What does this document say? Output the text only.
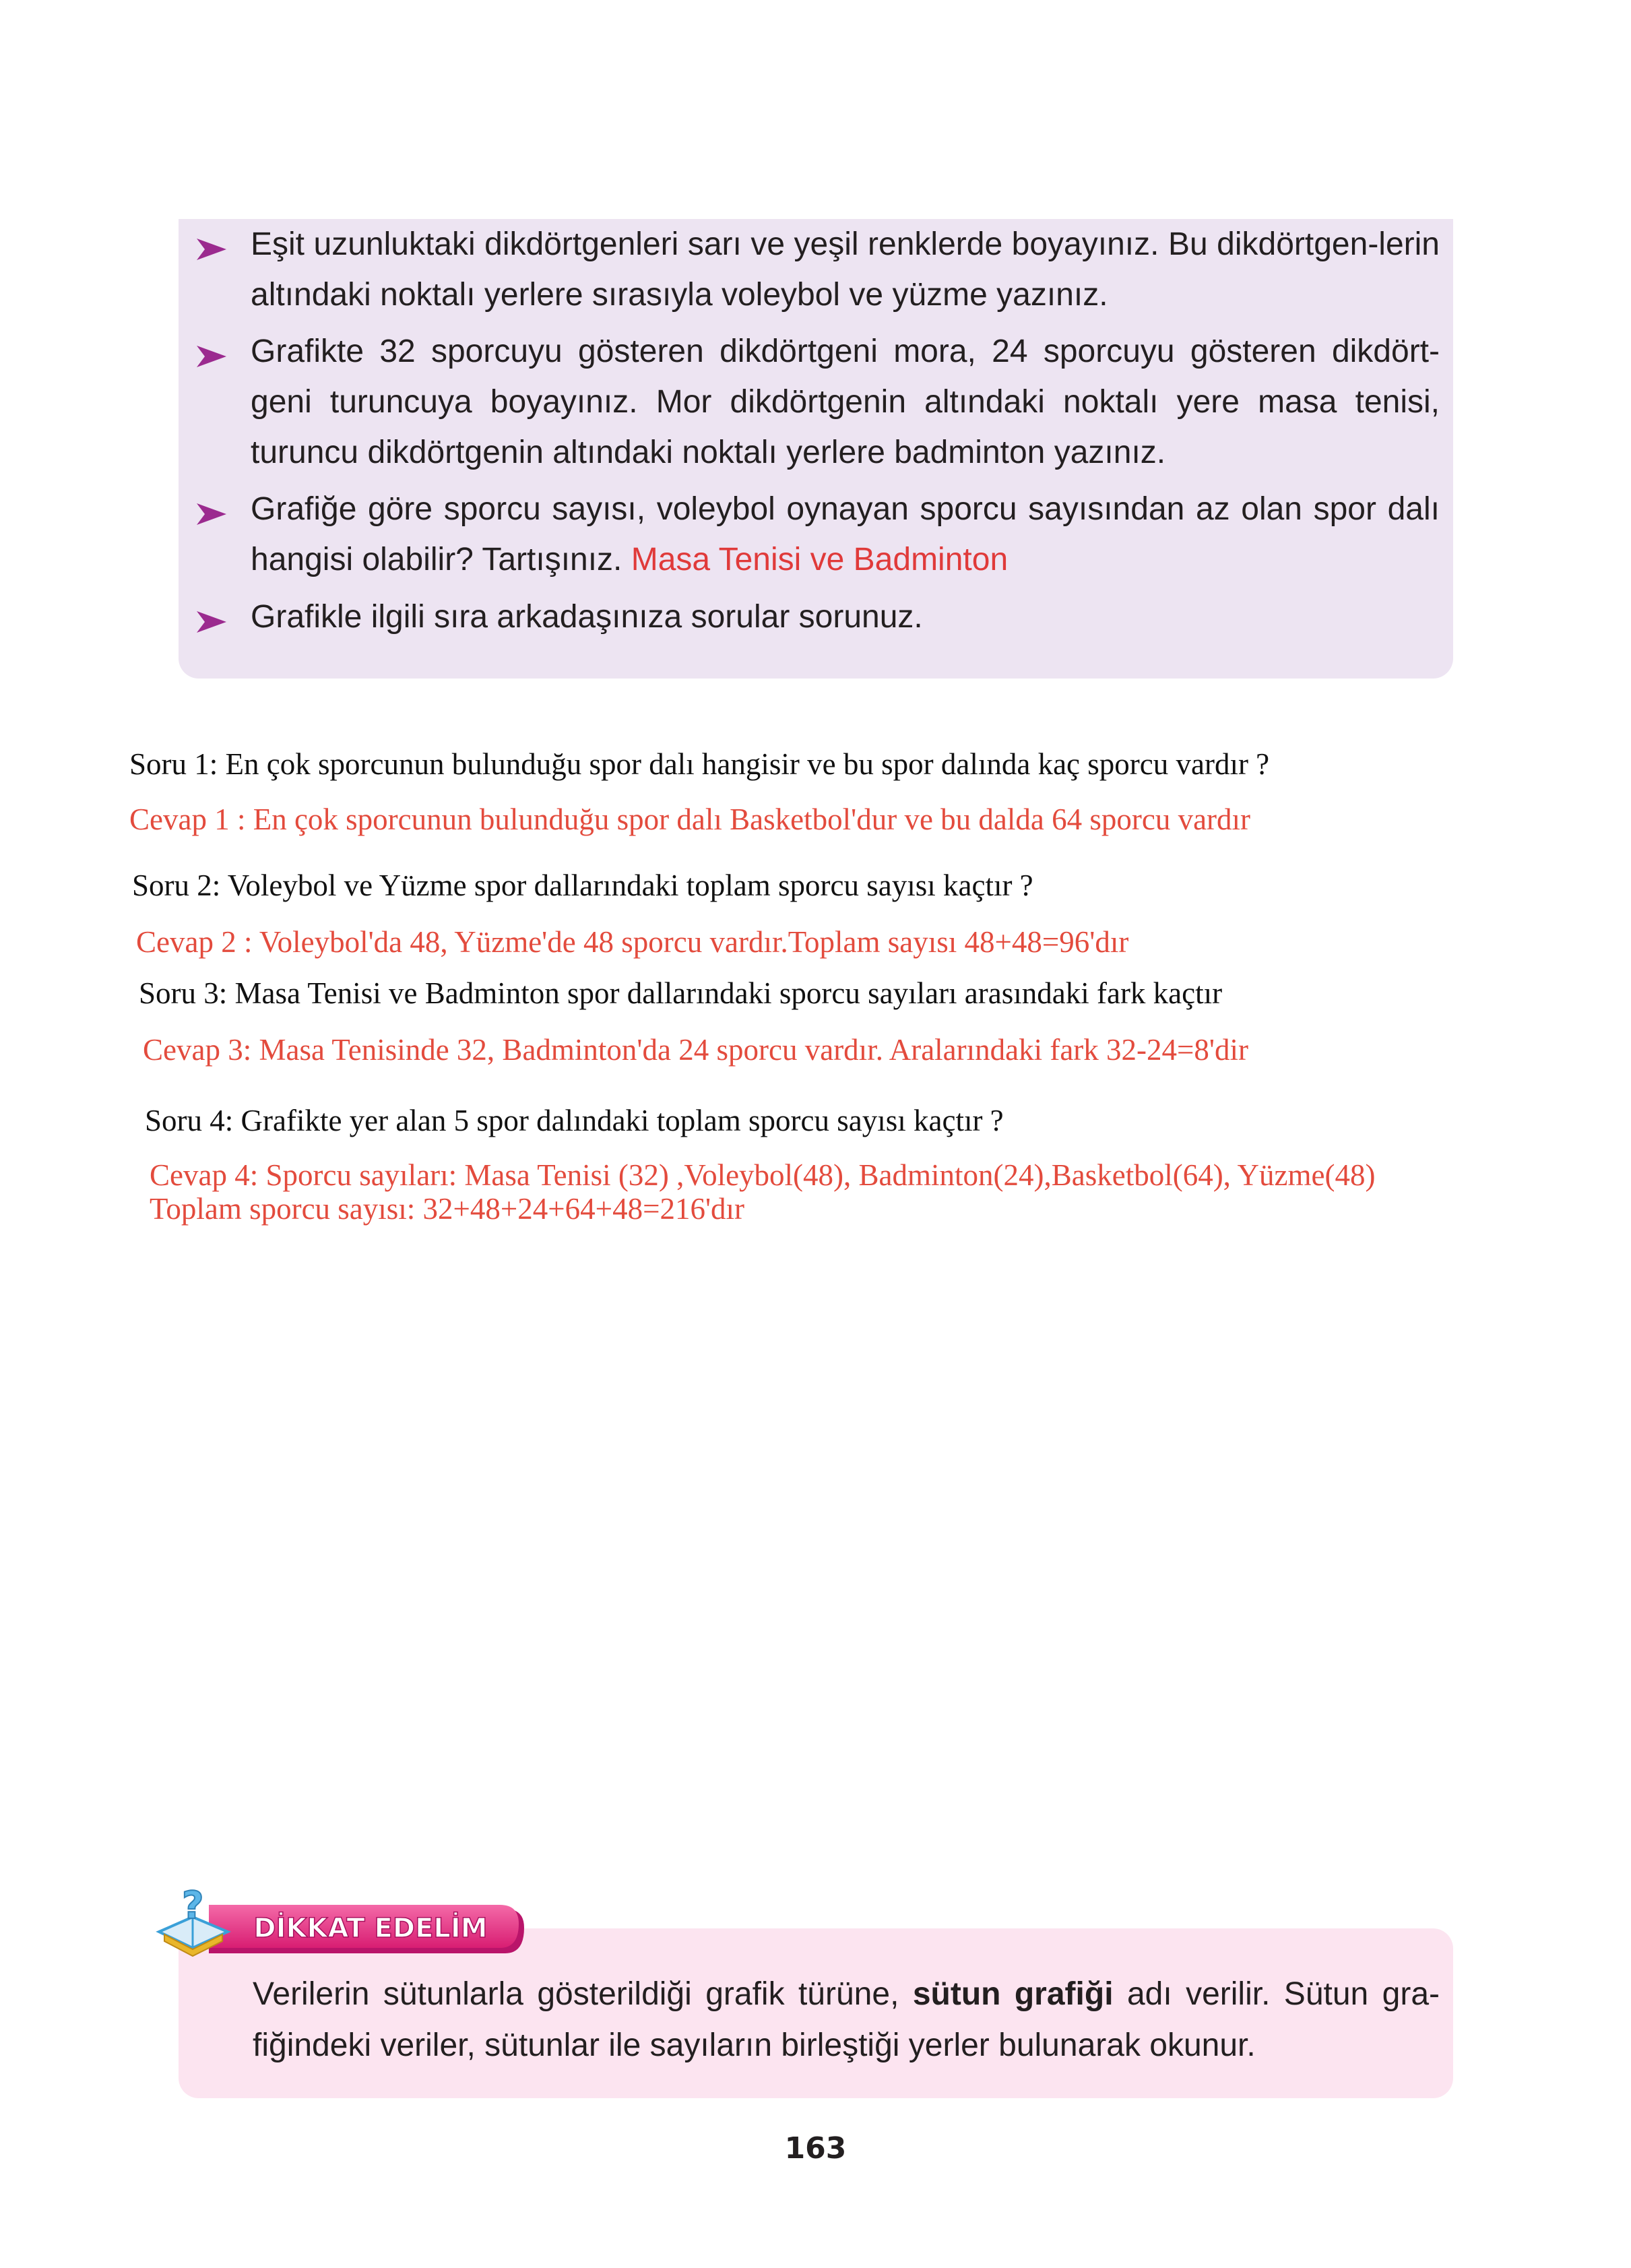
Eşit uzunluktaki dikdörtgenleri sarı ve yeşil renklerde boyayınız. Bu dikdörtgen-lerin altındaki noktalı yerlere sırasıyla voleybol ve yüzme yazınız.
Grafikte 32 sporcuyu gösteren dikdörtgeni mora, 24 sporcuyu gösteren dikdört-geni turuncuya boyayınız. Mor dikdörtgenin altındaki noktalı yere masa tenisi, turuncu dikdörtgenin altındaki noktalı yerlere badminton yazınız.
Grafiğe göre sporcu sayısı, voleybol oynayan sporcu sayısından az olan spor dalı hangisi olabilir? Tartışınız. Masa Tenisi ve Badminton
Grafikle ilgili sıra arkadaşınıza sorular sorunuz.
Soru 1: En çok sporcunun bulunduğu spor dalı hangisir ve bu spor dalında kaç sporcu vardır ?
Cevap 1 : En çok sporcunun bulunduğu spor dalı Basketbol'dur ve bu dalda 64 sporcu vardır
Soru 2: Voleybol ve Yüzme spor dallarındaki toplam sporcu sayısı kaçtır ?
Cevap 2 : Voleybol'da 48, Yüzme'de 48 sporcu vardır.Toplam sayısı 48+48=96'dır
Soru 3: Masa Tenisi ve Badminton spor dallarındaki sporcu sayıları arasındaki fark kaçtır
Cevap 3: Masa Tenisinde 32, Badminton'da 24 sporcu vardır. Aralarındaki fark 32-24=8'dir
Soru 4: Grafikte yer alan 5 spor dalındaki toplam sporcu sayısı kaçtır ?
Cevap 4: Sporcu sayıları: Masa Tenisi (32) ,Voleybol(48), Badminton(24),Basketbol(64), Yüzme(48)
Toplam sporcu sayısı: 32+48+24+64+48=216'dır
Verilerin sütunlarla gösterildiği grafik türüne, sütun grafiği adı verilir. Sütun gra-fiğindeki veriler, sütunlar ile sayıların birleştiği yerler bulunarak okunur.
?
DİKKAT EDELİM
163
